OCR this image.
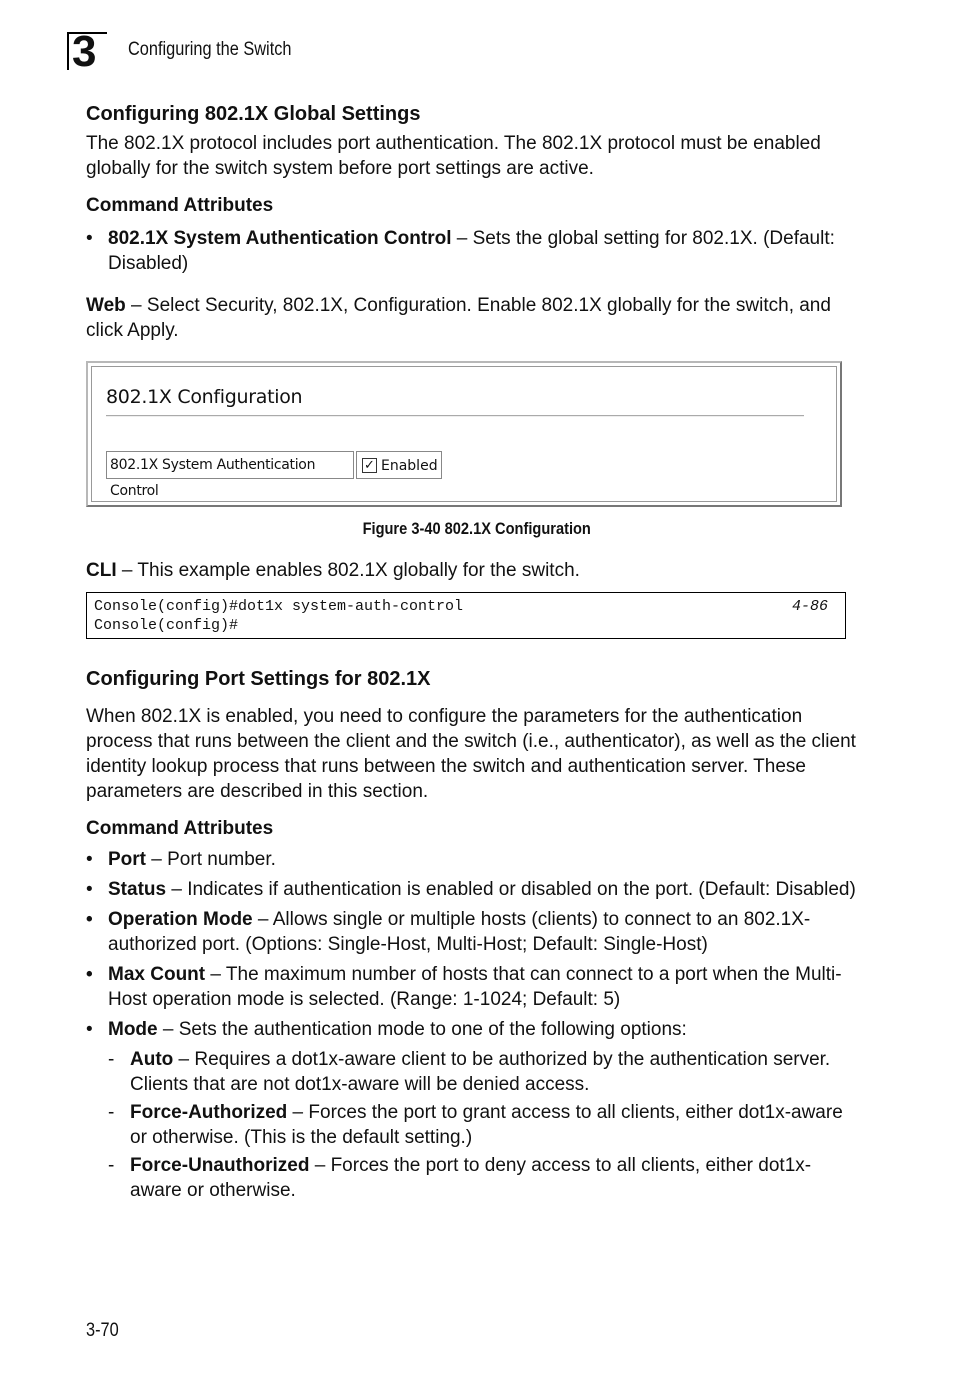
3 Configuring the Switch
Configuring 802.1X Global Settings

The 802.1X protocol includes port authentication. The 802.1X protocol must be enabled globally for the switch system before port settings are active.

Command Attributes

• 802.1X System Authentication Control – Sets the global setting for 802.1X. (Default: Disabled)

Web – Select Security, 802.1X, Configuration. Enable 802.1X globally for the switch, and click Apply.

802.1X Configuration
802.1X System Authentication Control
✓ Enabled
Figure 3-40 802.1X Configuration

CLI – This example enables 802.1X globally for the switch.

Console(config)#dot1x system-auth-control	4-86
Console(config)#
Configuring Port Settings for 802.1X

When 802.1X is enabled, you need to configure the parameters for the authentication process that runs between the client and the switch (i.e., authenticator), as well as the client identity lookup process that runs between the switch and authentication server. These parameters are described in this section.

Command Attributes

• Port – Port number.
• Status – Indicates if authentication is enabled or disabled on the port. (Default: Disabled)
• Operation Mode – Allows single or multiple hosts (clients) to connect to an 802.1X-authorized port. (Options: Single-Host, Multi-Host; Default: Single-Host)
• Max Count – The maximum number of hosts that can connect to a port when the Multi-Host operation mode is selected. (Range: 1-1024; Default: 5)
• Mode – Sets the authentication mode to one of the following options:
- Auto – Requires a dot1x-aware client to be authorized by the authentication server. Clients that are not dot1x-aware will be denied access.
- Force-Authorized – Forces the port to grant access to all clients, either dot1x-aware or otherwise. (This is the default setting.)
- Force-Unauthorized – Forces the port to deny access to all clients, either dot1x-aware or otherwise.
3-70
